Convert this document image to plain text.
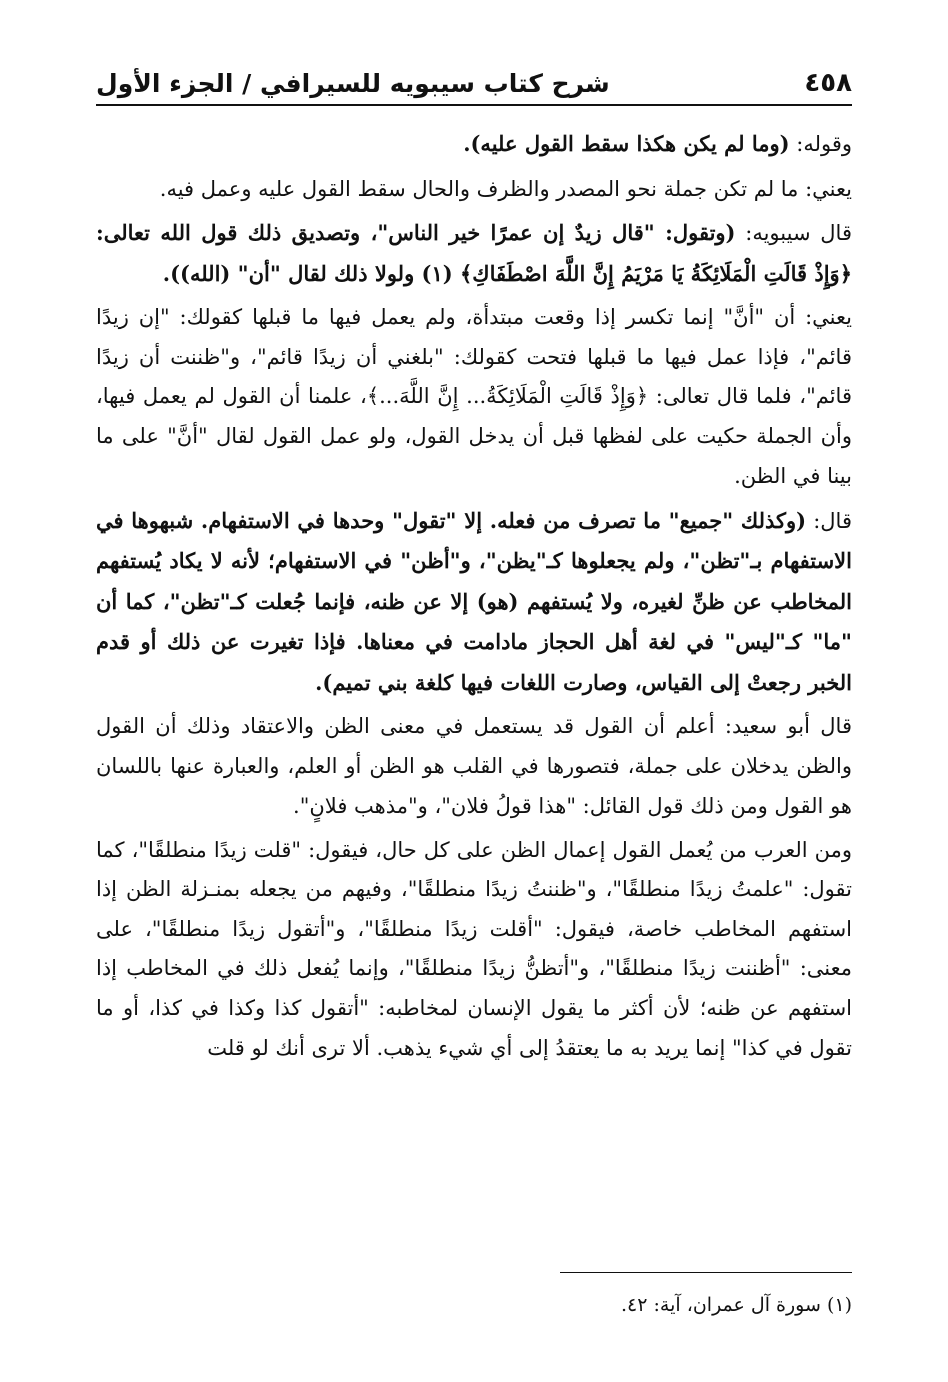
٤٥٨
شرح كتاب سيبويه للسيرافي / الجزء الأول

وقوله: (وما لم يكن هكذا سقط القول عليه).

يعني: ما لم تكن جملة نحو المصدر والظرف والحال سقط القول عليه وعمل فيه.

قال سيبويه: (وتقول: "قال زيدٌ إن عمرًا خير الناس"، وتصديق ذلك قول الله تعالى: ﴿وَإِذْ قَالَتِ الْمَلَائِكَةُ يَا مَرْيَمُ إِنَّ اللَّهَ اصْطَفَاكِ﴾ (١) ولولا ذلك لقال "أن" (الله)).

يعني: أن "أنَّ" إنما تكسر إذا وقعت مبتدأة، ولم يعمل فيها ما قبلها كقولك: "إن زيدًا قائم"، فإذا عمل فيها ما قبلها فتحت كقولك: "بلغني أن زيدًا قائم"، و"ظننت أن زيدًا قائم"، فلما قال تعالى: ﴿وَإِذْ قَالَتِ الْمَلَائِكَةُ... إِنَّ اللَّهَ...﴾، علمنا أن القول لم يعمل فيها، وأن الجملة حكيت على لفظها قبل أن يدخل القول، ولو عمل القول لقال "أنَّ" على ما بينا في الظن.

قال: (وكذلك "جميع" ما تصرف من فعله. إلا "تقول" وحدها في الاستفهام. شبهوها في الاستفهام بـ"تظن"، ولم يجعلوها كـ"يظن"، و"أظن" في الاستفهام؛ لأنه لا يكاد يُستفهم المخاطب عن ظنِّ لغيره، ولا يُستفهم (هو) إلا عن ظنه، فإنما جُعلت كـ"تظن"، كما أن "ما" كـ"ليس" في لغة أهل الحجاز مادامت في معناها. فإذا تغيرت عن ذلك أو قدم الخبر رجعتْ إلى القياس، وصارت اللغات فيها كلغة بني تميم).

قال أبو سعيد: أعلم أن القول قد يستعمل في معنى الظن والاعتقاد وذلك أن القول والظن يدخلان على جملة، فتصورها في القلب هو الظن أو العلم، والعبارة عنها باللسان هو القول ومن ذلك قول القائل: "هذا قولُ فلان"، و"مذهب فلانٍ".

ومن العرب من يُعمل القول إعمال الظن على كل حال، فيقول: "قلت زيدًا منطلقًا"، كما تقول: "علمتُ زيدًا منطلقًا"، و"ظننتُ زيدًا منطلقًا"، وفيهم من يجعله بمنـزلة الظن إذا استفهم المخاطب خاصة، فيقول: "أقلت زيدًا منطلقًا"، و"أتقول زيدًا منطلقًا"، على معنى: "أظننت زيدًا منطلقًا"، و"أتظنُّ زيدًا منطلقًا"، وإنما يُفعل ذلك في المخاطب إذا استفهم عن ظنه؛ لأن أكثر ما يقول الإنسان لمخاطبه: "أتقول كذا وكذا في كذا، أو ما تقول في كذا" إنما يريد به ما يعتقدُ إلى أي شيء يذهب. ألا ترى أنك لو قلت

(١) سورة آل عمران، آية: ٤٢.
